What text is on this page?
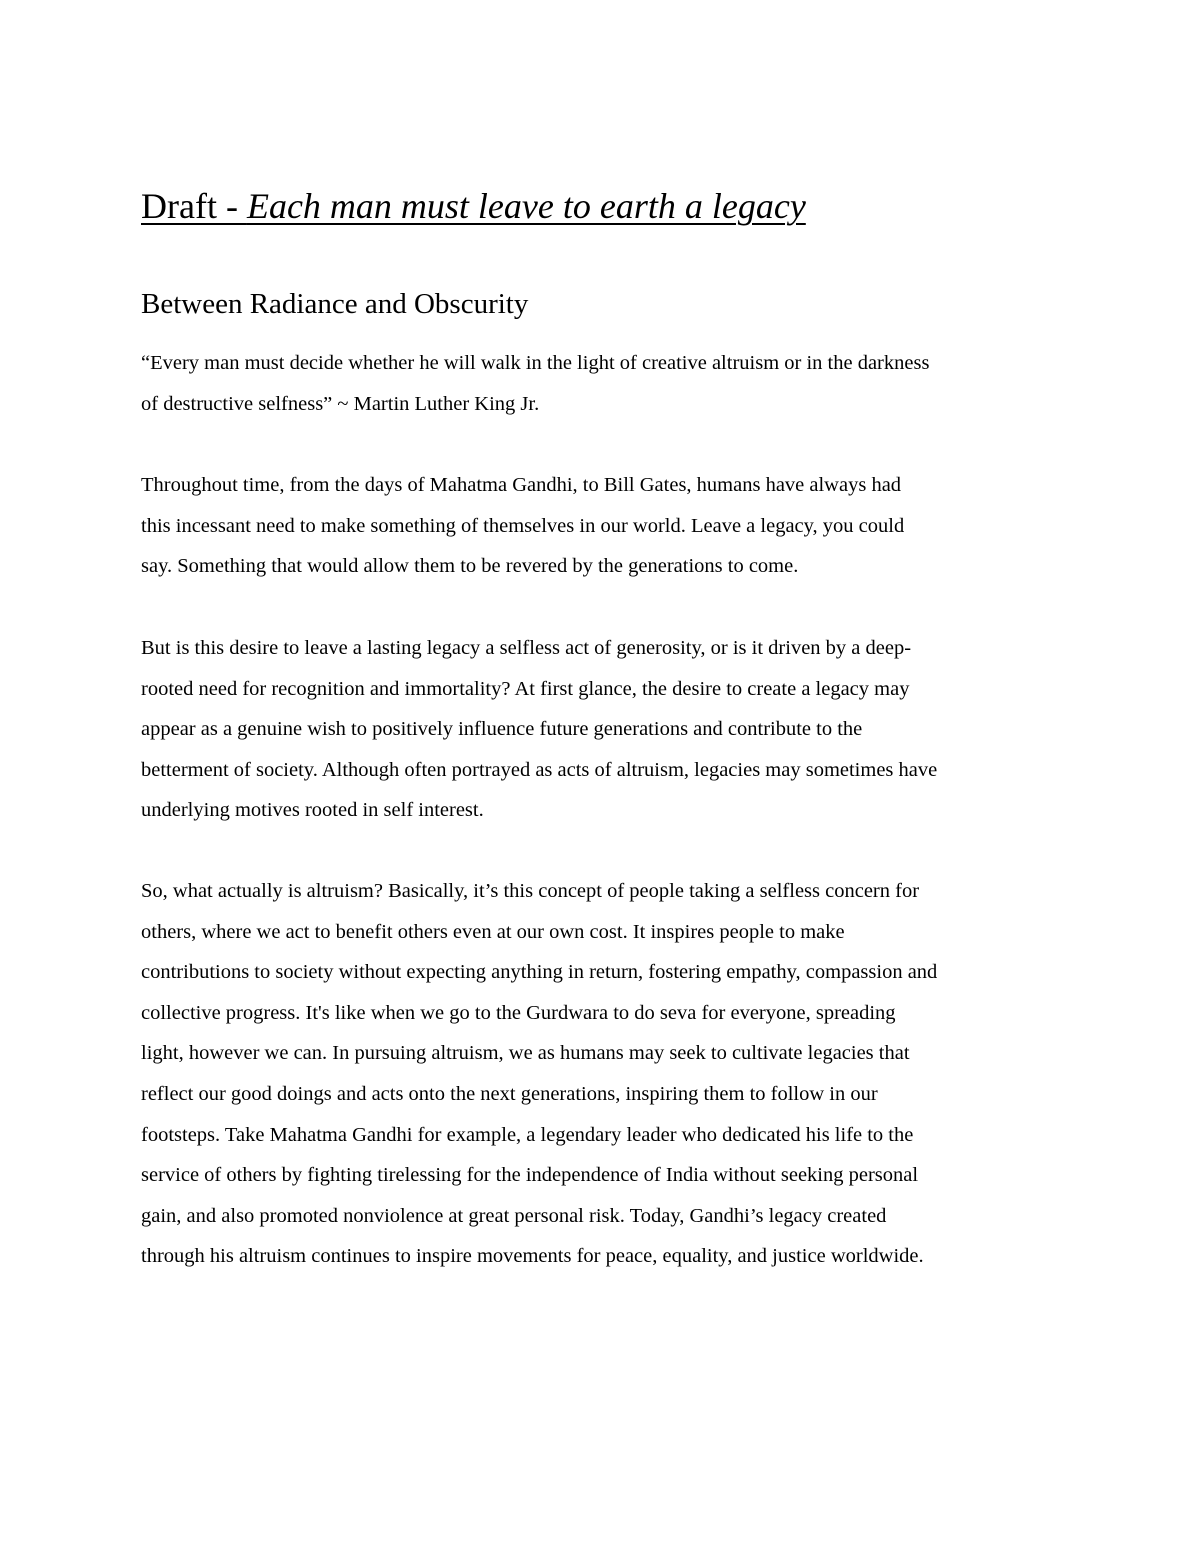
Draft - Each man must leave to earth a legacy
Between Radiance and Obscurity

“Every man must decide whether he will walk in the light of creative altruism or in the darkness
of destructive selfness” ~ Martin Luther King Jr.

Throughout time, from the days of Mahatma Gandhi, to Bill Gates, humans have always had
this incessant need to make something of themselves in our world. Leave a legacy, you could
say. Something that would allow them to be revered by the generations to come.

But is this desire to leave a lasting legacy a selfless act of generosity, or is it driven by a deep-
rooted need for recognition and immortality? At first glance, the desire to create a legacy may
appear as a genuine wish to positively influence future generations and contribute to the
betterment of society. Although often portrayed as acts of altruism, legacies may sometimes have
underlying motives rooted in self interest.

So, what actually is altruism? Basically, it’s this concept of people taking a selfless concern for
others, where we act to benefit others even at our own cost. It inspires people to make
contributions to society without expecting anything in return, fostering empathy, compassion and
collective progress. It's like when we go to the Gurdwara to do seva for everyone, spreading
light, however we can. In pursuing altruism, we as humans may seek to cultivate legacies that
reflect our good doings and acts onto the next generations, inspiring them to follow in our
footsteps. Take Mahatma Gandhi for example, a legendary leader who dedicated his life to the
service of others by fighting tirelessing for the independence of India without seeking personal
gain, and also promoted nonviolence at great personal risk. Today, Gandhi’s legacy created
through his altruism continues to inspire movements for peace, equality, and justice worldwide.
